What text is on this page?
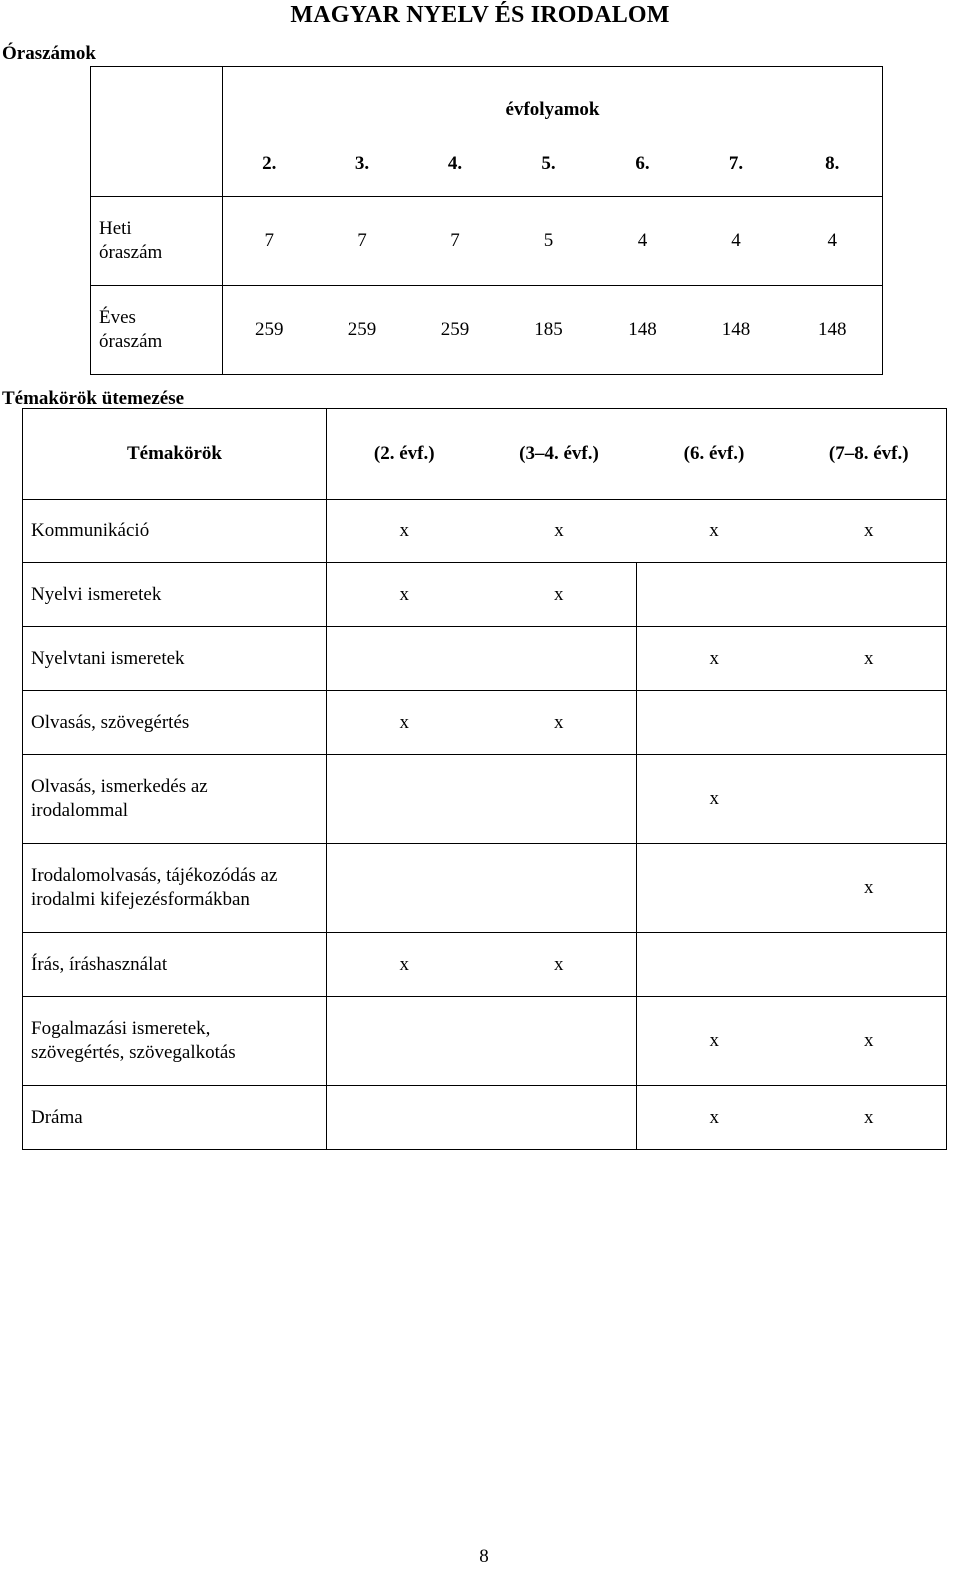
MAGYAR NYELV ÉS IRODALOM
Óraszámok
	évfolyamok						
	2.	3.	4.	5.	6.	7.	8.
Heti
óraszám	7	7	7	5	4	4	4
Éves
óraszám	259	259	259	185	148	148	148
Témakörök ütemezése
Témakörök	(2. évf.)	(3–4. évf.)	(6. évf.)	(7–8. évf.)
Kommunikáció	x	x	x	x
Nyelvi ismeretek	x	x		
Nyelvtani ismeretek			x	x
Olvasás, szövegértés	x	x		
Olvasás, ismerkedés az
irodalommal			x	
Irodalomolvasás, tájékozódás az
irodalmi kifejezésformákban				x
Írás, íráshasználat	x	x		
Fogalmazási ismeretek,
szövegértés, szövegalkotás			x	x
Dráma			x	x
8
